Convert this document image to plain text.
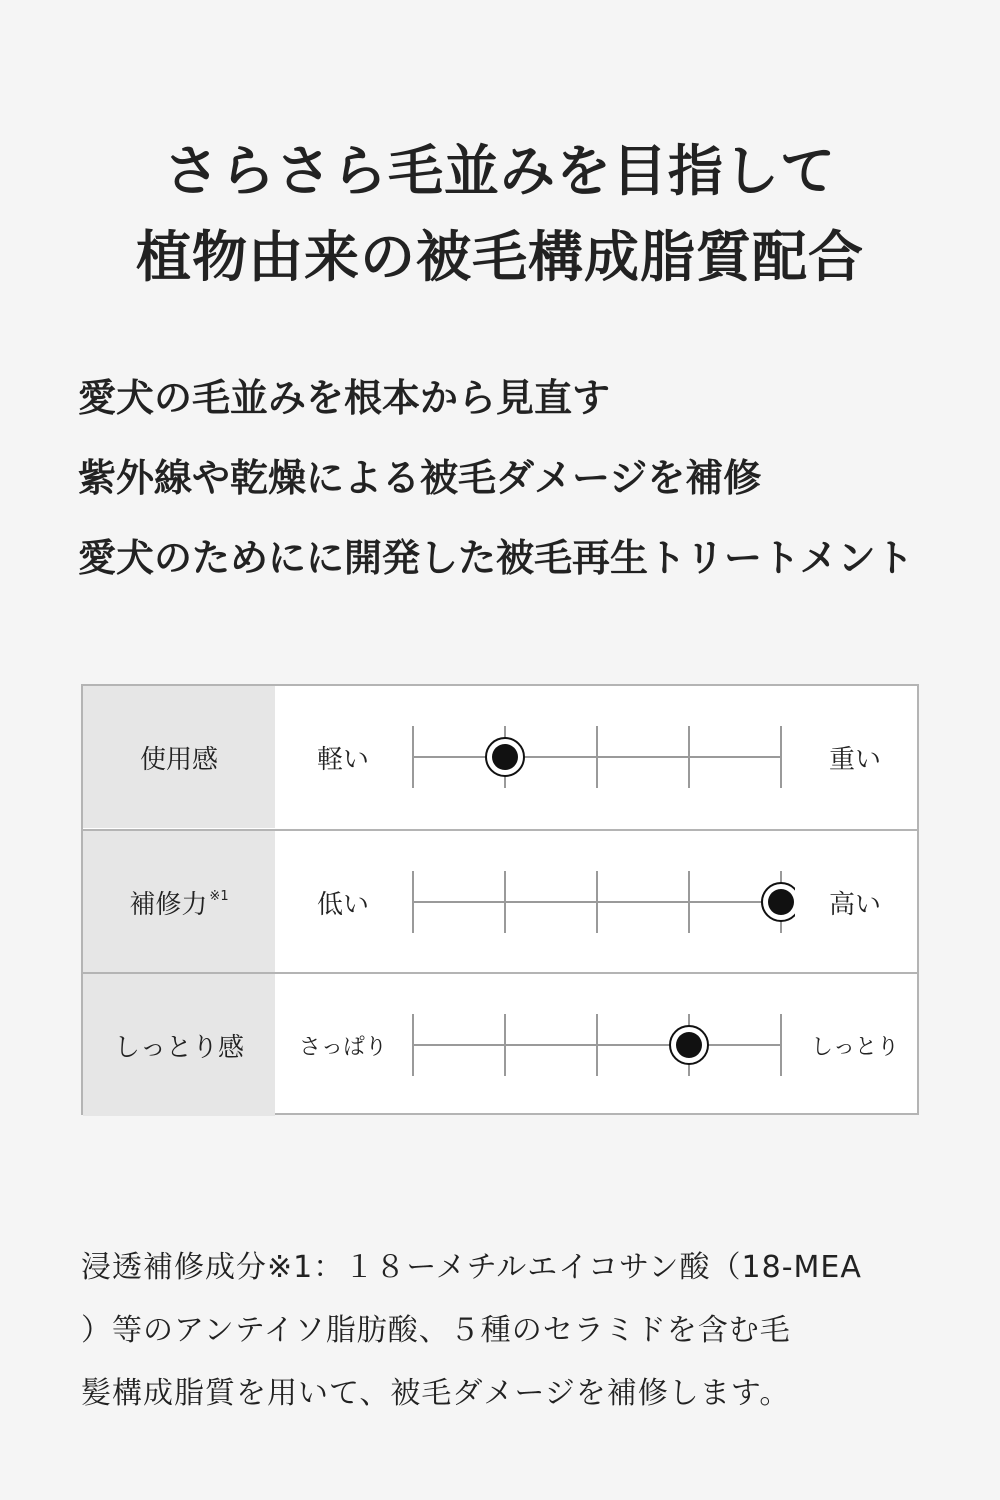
さらさら毛並みを目指して
植物由来の被毛構成脂質配合
愛犬の毛並みを根本から見直す
紫外線や乾燥による被毛ダメージを補修
愛犬のためにに開発した被毛再生トリートメント
使用感	軽い	重い
補修力$^{※1}$	低い	高い
しっとり感	さっぱり	しっとり
浸透補修成分※1：１８ーメチルエイコサン酸（18-MEA
）等のアンテイソ脂肪酸、５種のセラミドを含む毛
髪構成脂質を用いて、被毛ダメージを補修します。
